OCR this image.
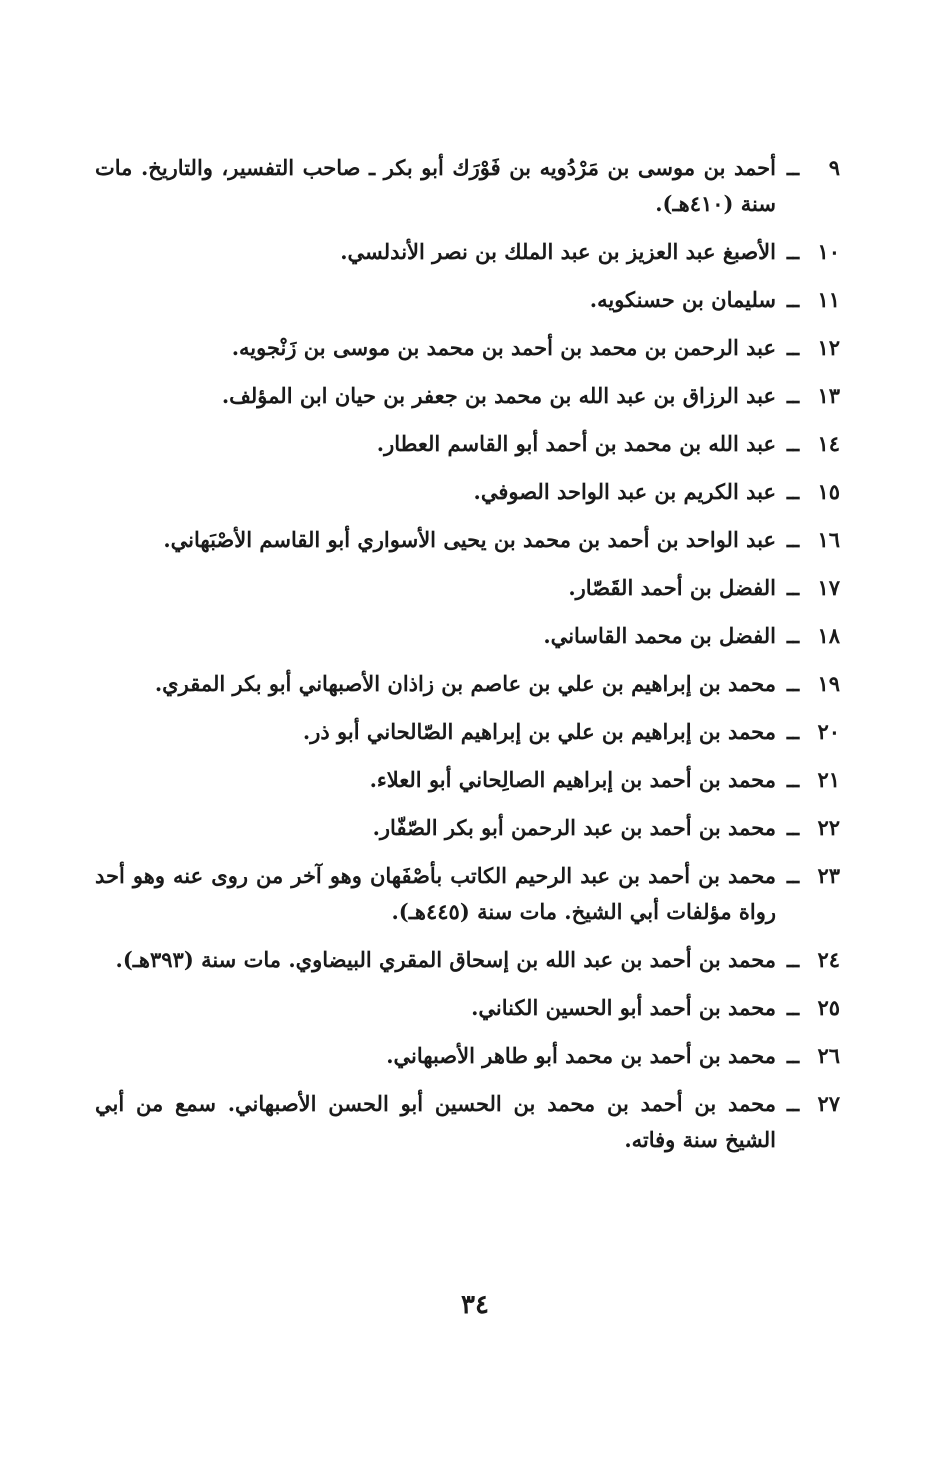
٩
ــ
أحمد بن موسى بن مَرْدُويه بن فَوْرَك أبو بكر ـ صاحب التفسير، والتاريخ. مات سنة (٤١٠هـ).
١٠
ــ
الأصبغ عبد العزيز بن عبد الملك بن نصر الأندلسي.
١١
ــ
سليمان بن حسنكويه.
١٢
ــ
عبد الرحمن بن محمد بن أحمد بن محمد بن موسى بن زَنْجويه.
١٣
ــ
عبد الرزاق بن عبد الله بن محمد بن جعفر بن حيان ابن المؤلف.
١٤
ــ
عبد الله بن محمد بن أحمد أبو القاسم العطار.
١٥
ــ
عبد الكريم بن عبد الواحد الصوفي.
١٦
ــ
عبد الواحد بن أحمد بن محمد بن يحيى الأسواري أبو القاسم الأصْبَهاني.
١٧
ــ
الفضل بن أحمد القَصّار.
١٨
ــ
الفضل بن محمد القاساني.
١٩
ــ
محمد بن إبراهيم بن علي بن عاصم بن زاذان الأصبهاني أبو بكر المقري.
٢٠
ــ
محمد بن إبراهيم بن علي بن إبراهيم الصّالحاني أبو ذر.
٢١
ــ
محمد بن أحمد بن إبراهيم الصالِحاني أبو العلاء.
٢٢
ــ
محمد بن أحمد بن عبد الرحمن أبو بكر الصّفّار.
٢٣
ــ
محمد بن أحمد بن عبد الرحيم الكاتب بأصْفَهان وهو آخر من روى عنه وهو أحد رواة مؤلفات أبي الشيخ. مات سنة (٤٤٥هـ).
٢٤
ــ
محمد بن أحمد بن عبد الله بن إسحاق المقري البيضاوي. مات سنة (٣٩٣هـ).
٢٥
ــ
محمد بن أحمد أبو الحسين الكناني.
٢٦
ــ
محمد بن أحمد بن محمد أبو طاهر الأصبهاني.
٢٧
ــ
محمد بن أحمد بن محمد بن الحسين أبو الحسن الأصبهاني. سمع من أبي الشيخ سنة وفاته.
٣٤
